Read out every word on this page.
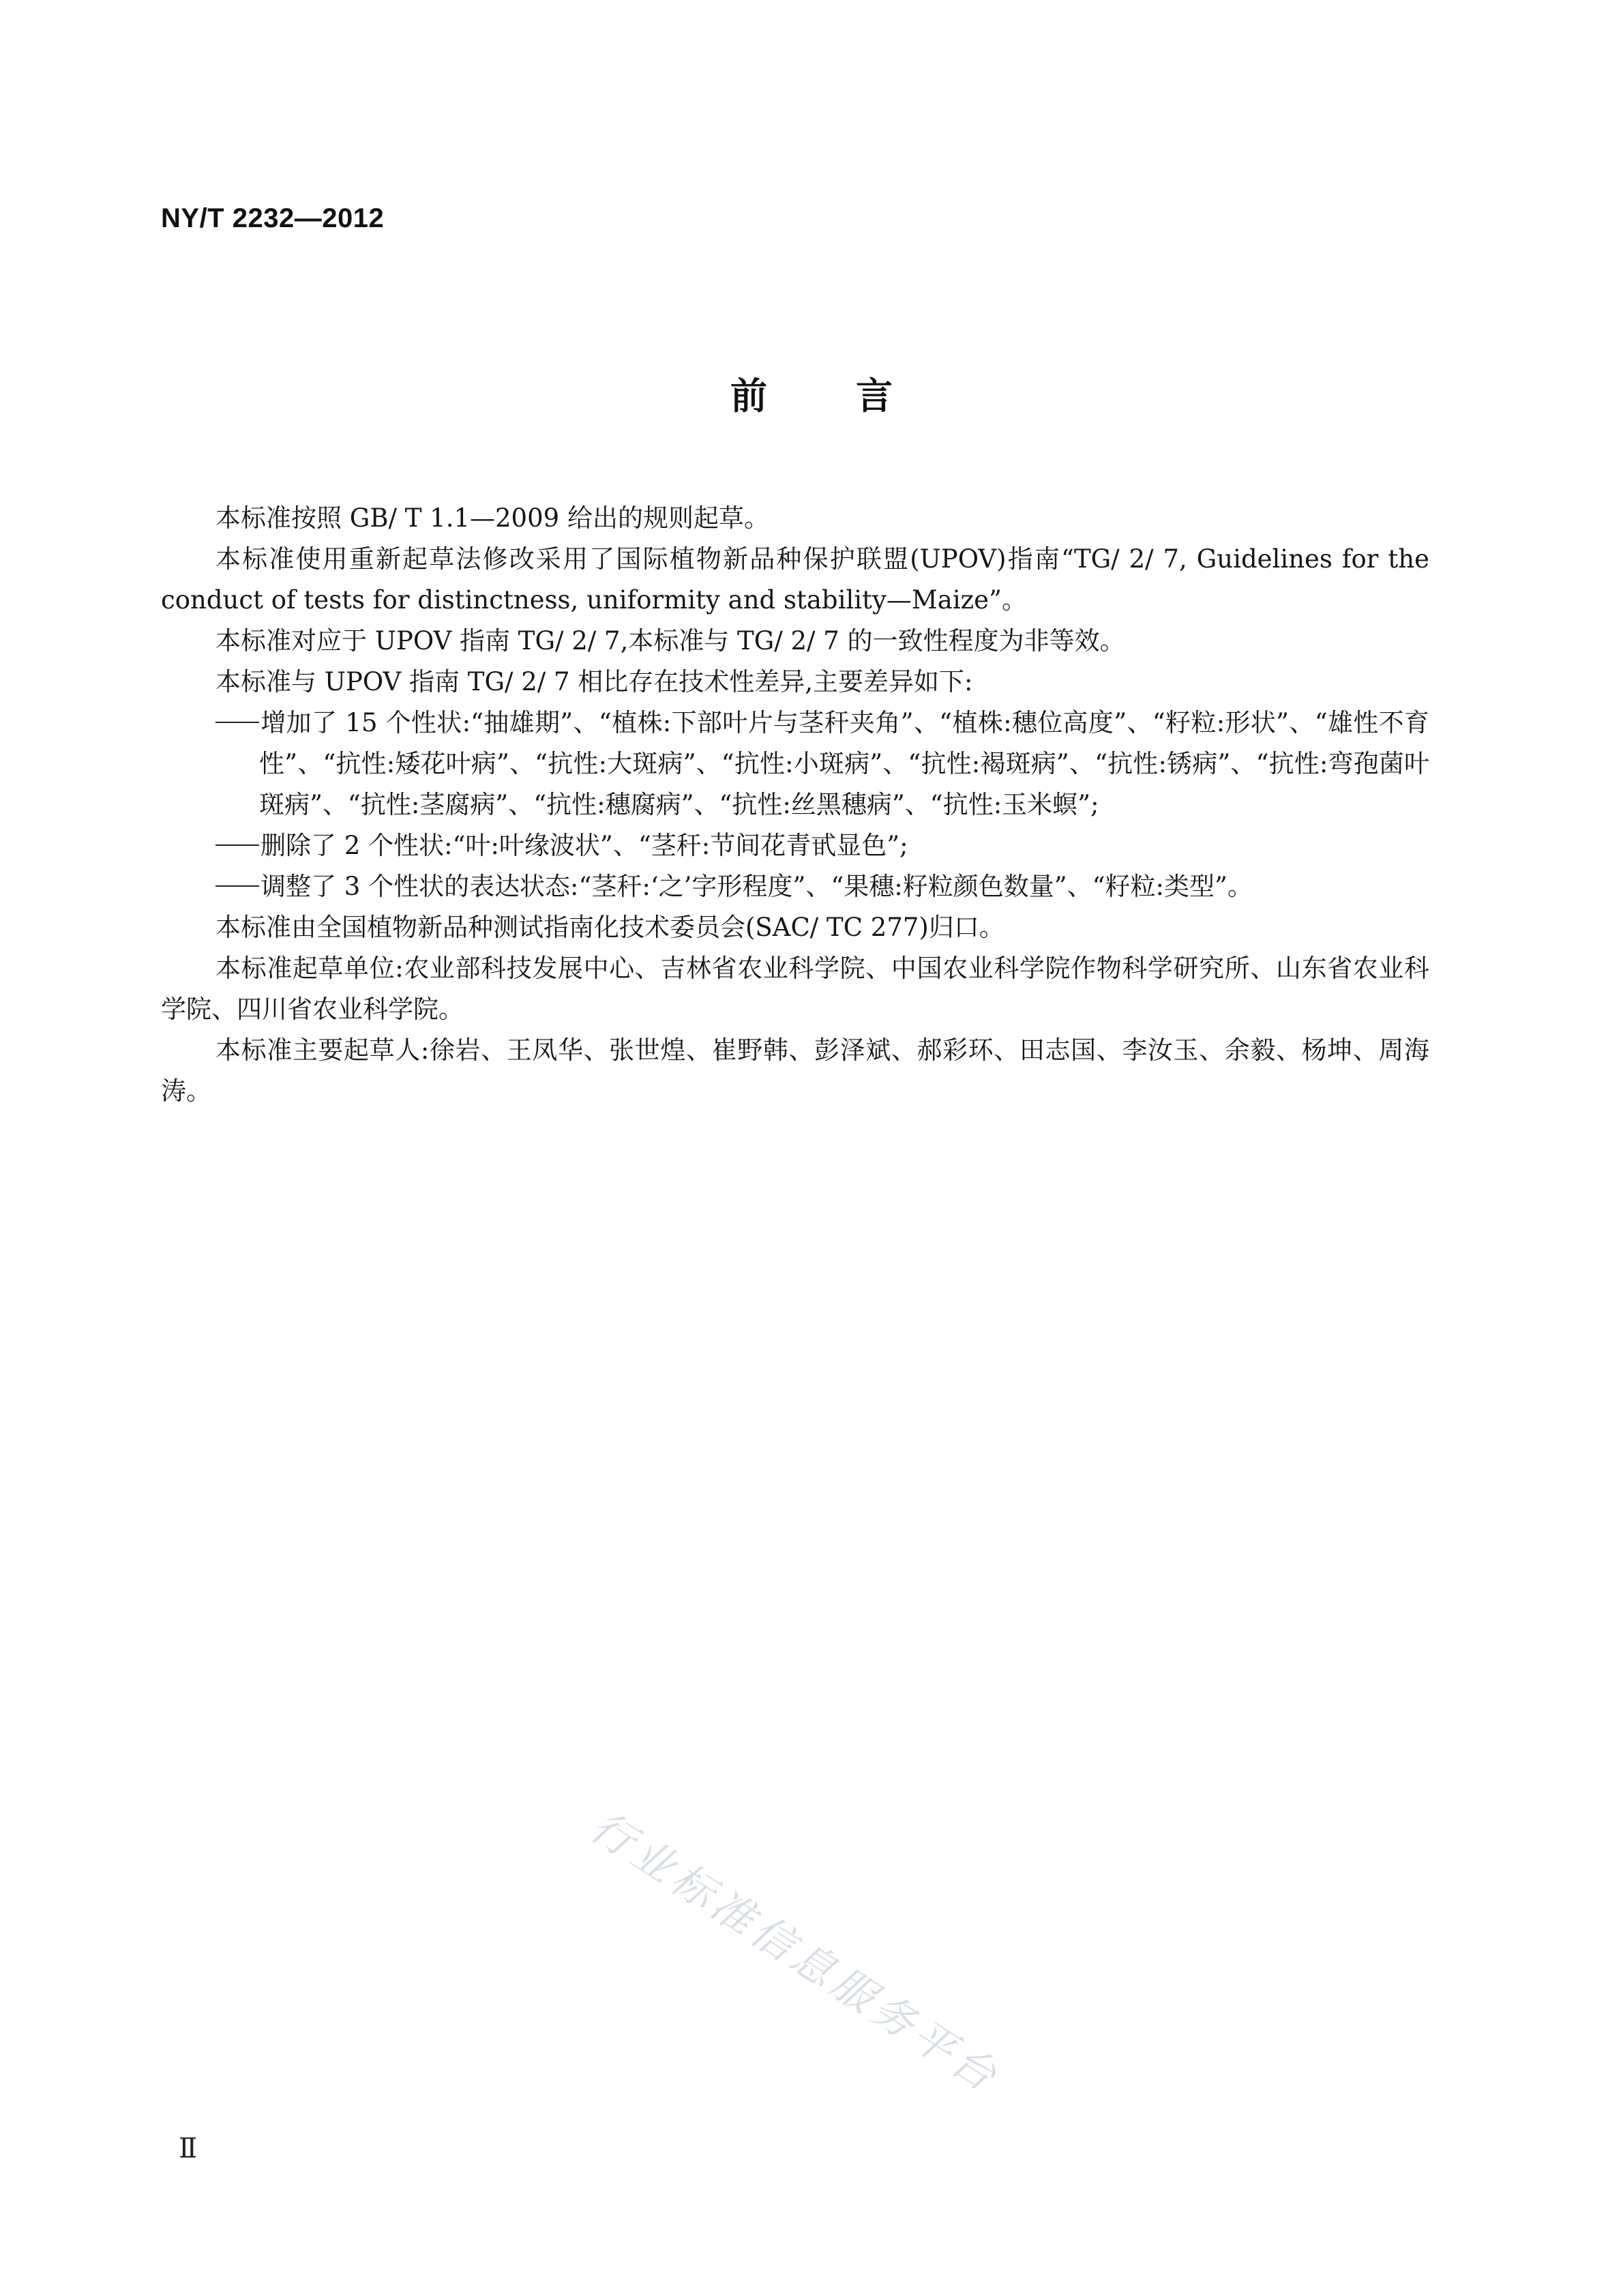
NY/T 2232—2012
前言

本标准按照 GB/ T 1.1—2009 给出的规则起草。

本标准使用重新起草法修改采用了国际植物新品种保护联盟(UPOV)指南“TG/ 2/ 7, Guidelines for the conduct of tests for distinctness, uniformity and stability—Maize”。

本标准对应于 UPOV 指南 TG/ 2/ 7,本标准与 TG/ 2/ 7 的一致性程度为非等效。

本标准与 UPOV 指南 TG/ 2/ 7 相比存在技术性差异,主要差异如下:

增加了 15 个性状:“抽雄期”、“植株:下部叶片与茎秆夹角”、“植株:穗位高度”、“籽粒:形状”、“雄性不育性”、“抗性:矮花叶病”、“抗性:大斑病”、“抗性:小斑病”、“抗性:褐斑病”、“抗性:锈病”、“抗性:弯孢菌叶斑病”、“抗性:茎腐病”、“抗性:穗腐病”、“抗性:丝黑穗病”、“抗性:玉米螟”;

删除了 2 个性状:“叶:叶缘波状”、“茎秆:节间花青甙显色”;

调整了 3 个性状的表达状态:“茎秆:‘之’字形程度”、“果穗:籽粒颜色数量”、“籽粒:类型”。

本标准由全国植物新品种测试指南化技术委员会(SAC/ TC 277)归口。

本标准起草单位:农业部科技发展中心、吉林省农业科学院、中国农业科学院作物科学研究所、山东省农业科学院、四川省农业科学院。

本标准主要起草人:徐岩、王凤华、张世煌、崔野韩、彭泽斌、郝彩环、田志国、李汝玉、余毅、杨坤、周海涛。

行业标准信息服务平台
Ⅱ
